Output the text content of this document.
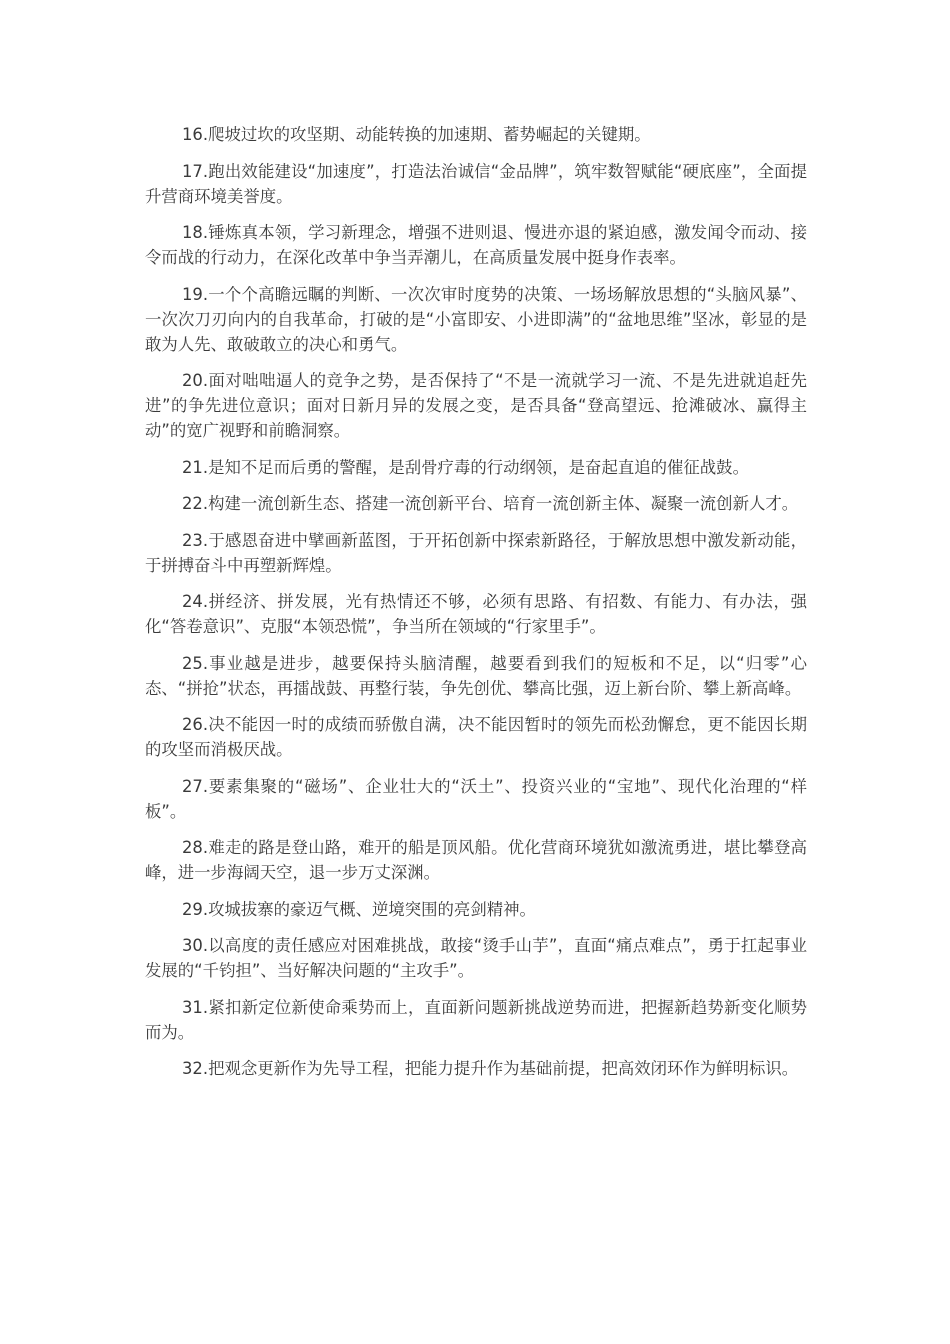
16.爬坡过坎的攻坚期、动能转换的加速期、蓄势崛起的关键期。

17.跑出效能建设“加速度”，打造法治诚信“金品牌”，筑牢数智赋能“硬底座”，全面提升营商环境美誉度。

18.锤炼真本领，学习新理念，增强不进则退、慢进亦退的紧迫感，激发闻令而动、接令而战的行动力，在深化改革中争当弄潮儿，在高质量发展中挺身作表率。

19.一个个高瞻远瞩的判断、一次次审时度势的决策、一场场解放思想的“头脑风暴”、一次次刀刃向内的自我革命，打破的是“小富即安、小进即满”的“盆地思维”坚冰，彰显的是敢为人先、敢破敢立的决心和勇气。

20.面对咄咄逼人的竞争之势，是否保持了“不是一流就学习一流、不是先进就追赶先进”的争先进位意识；面对日新月异的发展之变，是否具备“登高望远、抢滩破冰、赢得主动”的宽广视野和前瞻洞察。

21.是知不足而后勇的警醒，是刮骨疗毒的行动纲领，是奋起直追的催征战鼓。

22.构建一流创新生态、搭建一流创新平台、培育一流创新主体、凝聚一流创新人才。

23.于感恩奋进中擘画新蓝图，于开拓创新中探索新路径，于解放思想中激发新动能，于拼搏奋斗中再塑新辉煌。

24.拼经济、拼发展，光有热情还不够，必须有思路、有招数、有能力、有办法，强化“答卷意识”、克服“本领恐慌”，争当所在领域的“行家里手”。

25.事业越是进步，越要保持头脑清醒，越要看到我们的短板和不足，以“归零”心态、“拼抢”状态，再擂战鼓、再整行装，争先创优、攀高比强，迈上新台阶、攀上新高峰。

26.决不能因一时的成绩而骄傲自满，决不能因暂时的领先而松劲懈怠，更不能因长期的攻坚而消极厌战。

27.要素集聚的“磁场”、企业壮大的“沃土”、投资兴业的“宝地”、现代化治理的“样板”。

28.难走的路是登山路，难开的船是顶风船。优化营商环境犹如激流勇进，堪比攀登高峰，进一步海阔天空，退一步万丈深渊。

29.攻城拔寨的豪迈气概、逆境突围的亮剑精神。

30.以高度的责任感应对困难挑战，敢接“烫手山芋”，直面“痛点难点”，勇于扛起事业发展的“千钧担”、当好解决问题的“主攻手”。

31.紧扣新定位新使命乘势而上，直面新问题新挑战逆势而进，把握新趋势新变化顺势而为。

32.把观念更新作为先导工程，把能力提升作为基础前提，把高效闭环作为鲜明标识。
